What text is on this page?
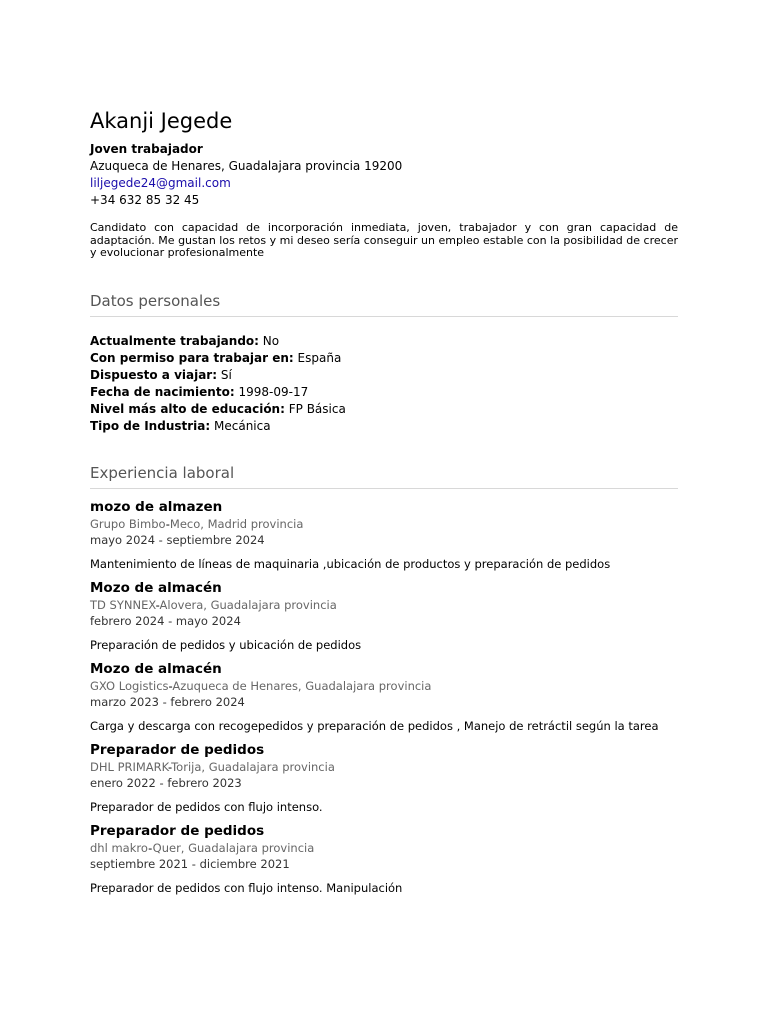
Akanji Jegede
Joven trabajador
Azuqueca de Henares, Guadalajara provincia 19200
liljegede24@gmail.com
+34 632 85 32 45
Candidato con capacidad de incorporación inmediata, joven, trabajador y con gran capacidad de adaptación. Me gustan los retos y mi deseo sería conseguir un empleo estable con la posibilidad de crecer y evolucionar profesionalmente
Datos personales
Actualmente trabajando: No
Con permiso para trabajar en: España
Dispuesto a viajar: Sí
Fecha de nacimiento: 1998-09-17
Nivel más alto de educación: FP Básica
Tipo de Industria: Mecánica
Experiencia laboral
mozo de almazen
Grupo Bimbo-Meco, Madrid provincia
mayo 2024 - septiembre 2024
Mantenimiento de líneas de maquinaria ,ubicación de productos y preparación de pedidos
Mozo de almacén
TD SYNNEX-Alovera, Guadalajara provincia
febrero 2024 - mayo 2024
Preparación de pedidos y ubicación de pedidos
Mozo de almacén
GXO Logistics-Azuqueca de Henares, Guadalajara provincia
marzo 2023 - febrero 2024
Carga y descarga con recogepedidos y preparación de pedidos , Manejo de retráctil según la tarea
Preparador de pedidos
DHL PRIMARK-Torija, Guadalajara provincia
enero 2022 - febrero 2023
Preparador de pedidos con flujo intenso.
Preparador de pedidos
dhl makro-Quer, Guadalajara provincia
septiembre 2021 - diciembre 2021
Preparador de pedidos con flujo intenso. Manipulación
